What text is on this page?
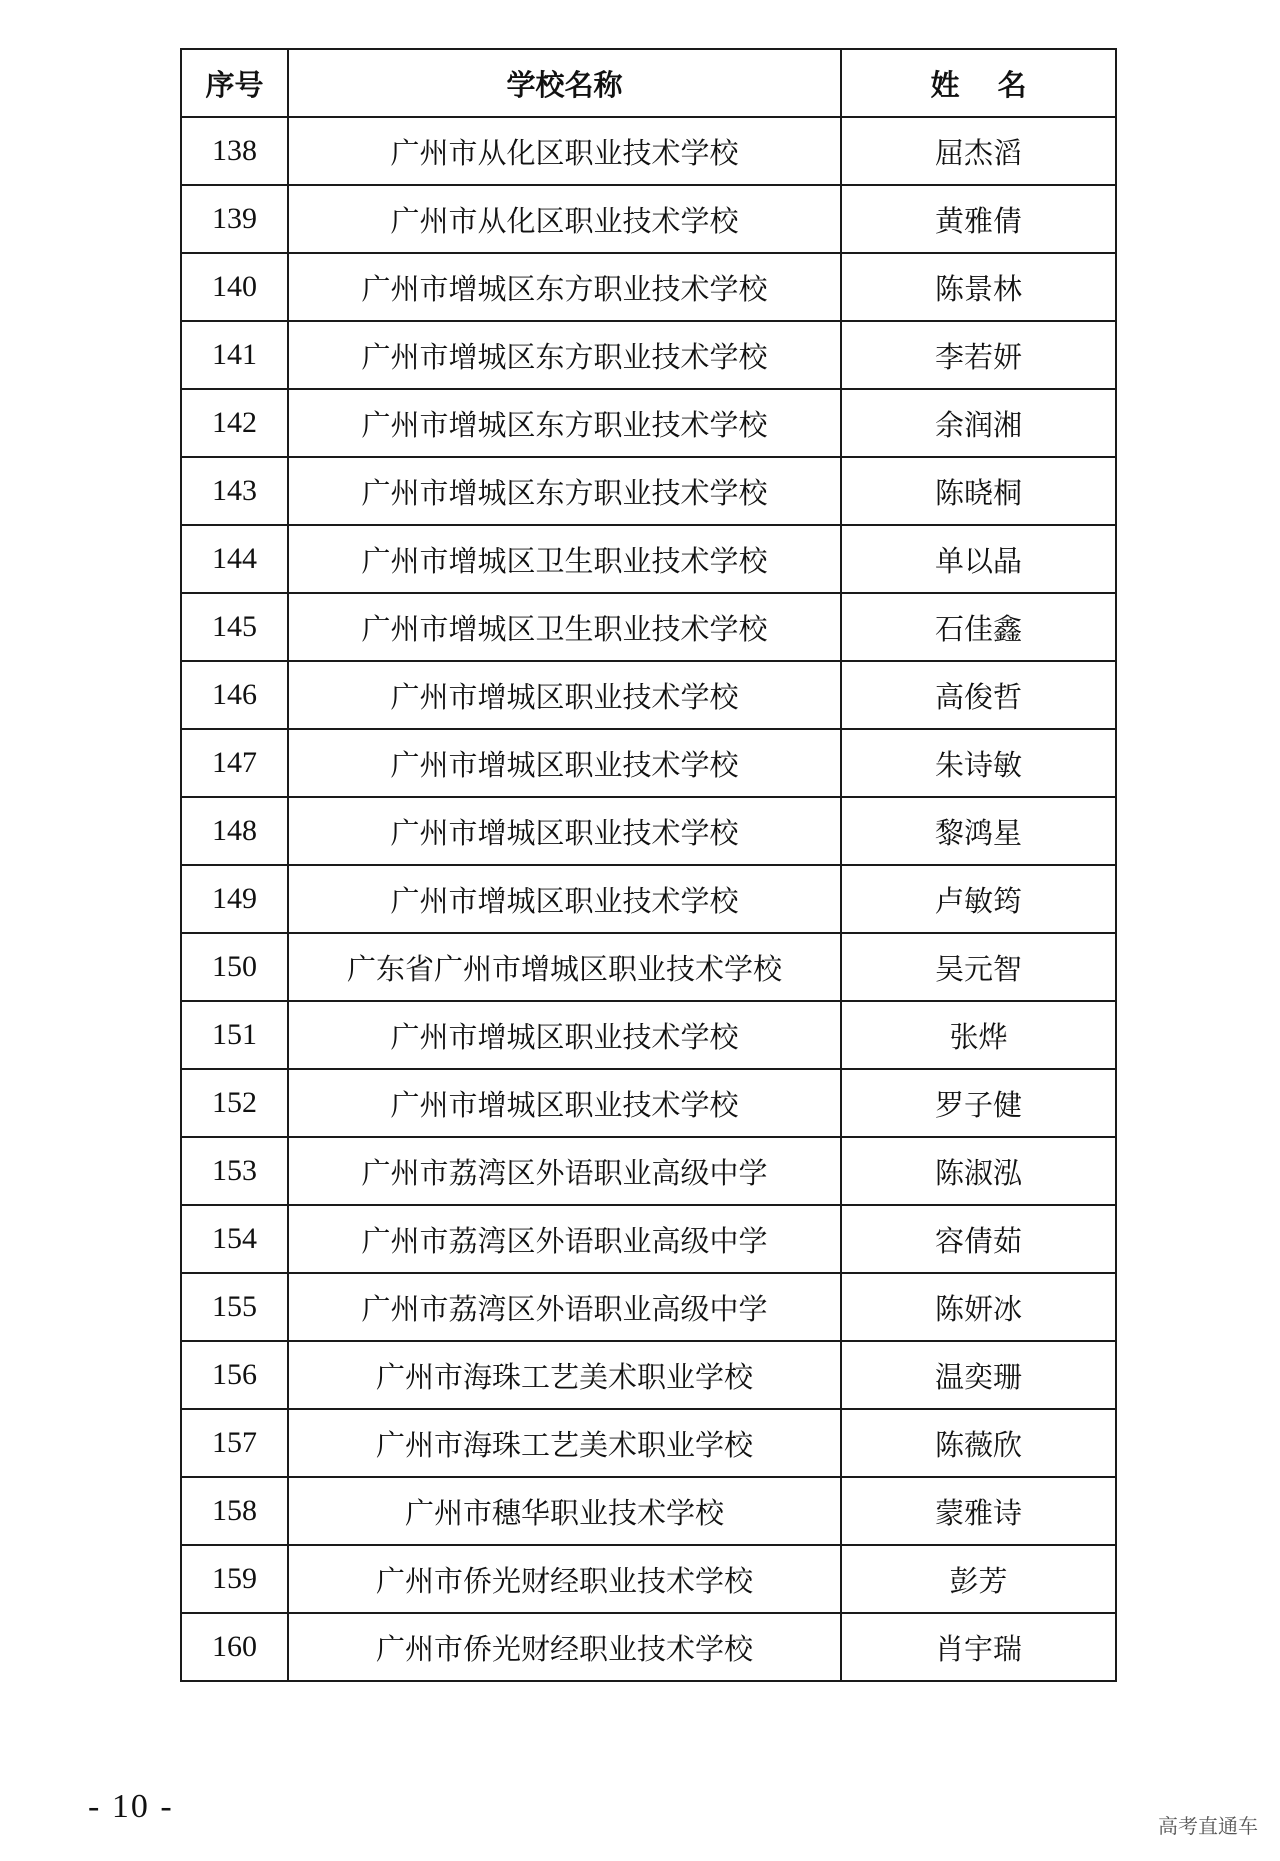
序号	学校名称	姓 名
138	广州市从化区职业技术学校	屈杰滔
139	广州市从化区职业技术学校	黄雅倩
140	广州市增城区东方职业技术学校	陈景林
141	广州市增城区东方职业技术学校	李若妍
142	广州市增城区东方职业技术学校	余润湘
143	广州市增城区东方职业技术学校	陈晓桐
144	广州市增城区卫生职业技术学校	单以晶
145	广州市增城区卫生职业技术学校	石佳鑫
146	广州市增城区职业技术学校	高俊哲
147	广州市增城区职业技术学校	朱诗敏
148	广州市增城区职业技术学校	黎鸿星
149	广州市增城区职业技术学校	卢敏筠
150	广东省广州市增城区职业技术学校	吴元智
151	广州市增城区职业技术学校	张烨
152	广州市增城区职业技术学校	罗子健
153	广州市荔湾区外语职业高级中学	陈淑泓
154	广州市荔湾区外语职业高级中学	容倩茹
155	广州市荔湾区外语职业高级中学	陈妍冰
156	广州市海珠工艺美术职业学校	温奕珊
157	广州市海珠工艺美术职业学校	陈薇欣
158	广州市穗华职业技术学校	蒙雅诗
159	广州市侨光财经职业技术学校	彭芳
160	广州市侨光财经职业技术学校	肖宇瑞
- 10 -
高考直通车
